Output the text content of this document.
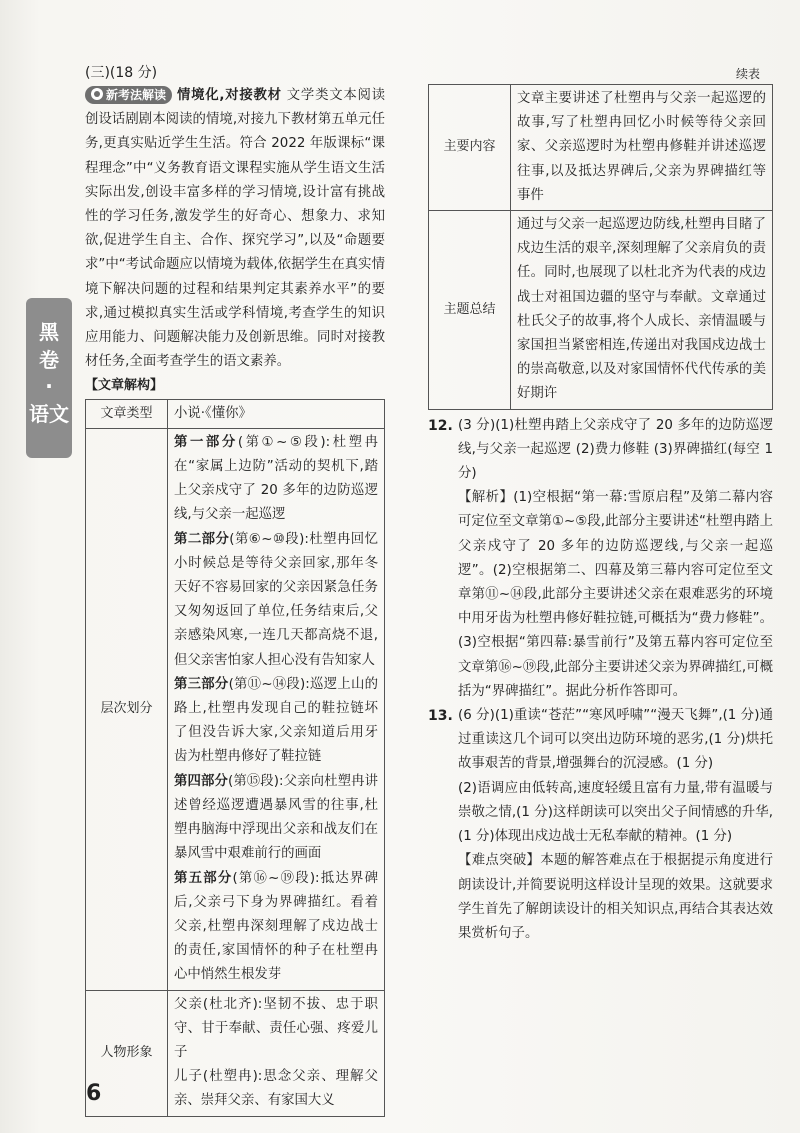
黑
卷
·
语文
(三)(18 分)
新考法解读 情境化,对接教材 文学类文本阅读创设话剧剧本阅读的情境,对接九下教材第五单元任务,更真实贴近学生生活。符合 2022 年版课标“课程理念”中“义务教育语文课程实施从学生语文生活实际出发,创设丰富多样的学习情境,设计富有挑战性的学习任务,激发学生的好奇心、想象力、求知欲,促进学生自主、合作、探究学习”,以及“命题要求”中“考试命题应以情境为载体,依据学生在真实情境下解决问题的过程和结果判定其素养水平”的要求,通过模拟真实生活或学科情境,考查学生的知识应用能力、问题解决能力及创新思维。同时对接教材任务,全面考查学生的语文素养。
【文章解构】
文章类型	小说·《懂你》
层次划分	第一部分(第①~⑤段):杜塑冉在“家属上边防”活动的契机下,踏上父亲戍守了 20 多年的边防巡逻线,与父亲一起巡逻

第二部分(第⑥~⑩段):杜塑冉回忆小时候总是等待父亲回家,那年冬天好不容易回家的父亲因紧急任务又匆匆返回了单位,任务结束后,父亲感染风寒,一连几天都高烧不退,但父亲害怕家人担心没有告知家人

第三部分(第⑪~⑭段):巡逻上山的路上,杜塑冉发现自己的鞋拉链坏了但没告诉大家,父亲知道后用牙齿为杜塑冉修好了鞋拉链

第四部分(第⑮段):父亲向杜塑冉讲述曾经巡逻遭遇暴风雪的往事,杜塑冉脑海中浮现出父亲和战友们在暴风雪中艰难前行的画面

第五部分(第⑯~⑲段):抵达界碑后,父亲弓下身为界碑描红。看着父亲,杜塑冉深刻理解了戍边战士的责任,家国情怀的种子在杜塑冉心中悄然生根发芽

人物形象	父亲(杜北齐):坚韧不拔、忠于职守、甘于奉献、责任心强、疼爱儿子

儿子(杜塑冉):思念父亲、理解父亲、崇拜父亲、有家国大义

续表
主要内容	文章主要讲述了杜塑冉与父亲一起巡逻的故事,写了杜塑冉回忆小时候等待父亲回家、父亲巡逻时为杜塑冉修鞋并讲述巡逻往事,以及抵达界碑后,父亲为界碑描红等事件
主题总结	通过与父亲一起巡逻边防线,杜塑冉目睹了戍边生活的艰辛,深刻理解了父亲肩负的责任。同时,也展现了以杜北齐为代表的戍边战士对祖国边疆的坚守与奉献。文章通过杜氏父子的故事,将个人成长、亲情温暖与家国担当紧密相连,传递出对我国戍边战士的崇高敬意,以及对家国情怀代代传承的美好期许
12. (3 分)(1)杜塑冉踏上父亲戍守了 20 多年的边防巡逻线,与父亲一起巡逻 (2)费力修鞋 (3)界碑描红(每空 1 分)

【解析】(1)空根据“第一幕:雪原启程”及第二幕内容可定位至文章第①~⑤段,此部分主要讲述“杜塑冉踏上父亲戍守了 20 多年的边防巡逻线,与父亲一起巡逻”。(2)空根据第二、四幕及第三幕内容可定位至文章第⑪~⑭段,此部分主要讲述父亲在艰难恶劣的环境中用牙齿为杜塑冉修好鞋拉链,可概括为“费力修鞋”。(3)空根据“第四幕:暴雪前行”及第五幕内容可定位至文章第⑯~⑲段,此部分主要讲述父亲为界碑描红,可概括为“界碑描红”。据此分析作答即可。

13. (6 分)(1)重读“苍茫”“寒风呼啸”“漫天飞舞”,(1 分)通过重读这几个词可以突出边防环境的恶劣,(1 分)烘托故事艰苦的背景,增强舞台的沉浸感。(1 分)

(2)语调应由低转高,速度轻缓且富有力量,带有温暖与崇敬之情,(1 分)这样朗读可以突出父子间情感的升华,(1 分)体现出戍边战士无私奉献的精神。(1 分)

【难点突破】本题的解答难点在于根据提示角度进行朗读设计,并简要说明这样设计呈现的效果。这就要求学生首先了解朗读设计的相关知识点,再结合其表达效果赏析句子。

6
